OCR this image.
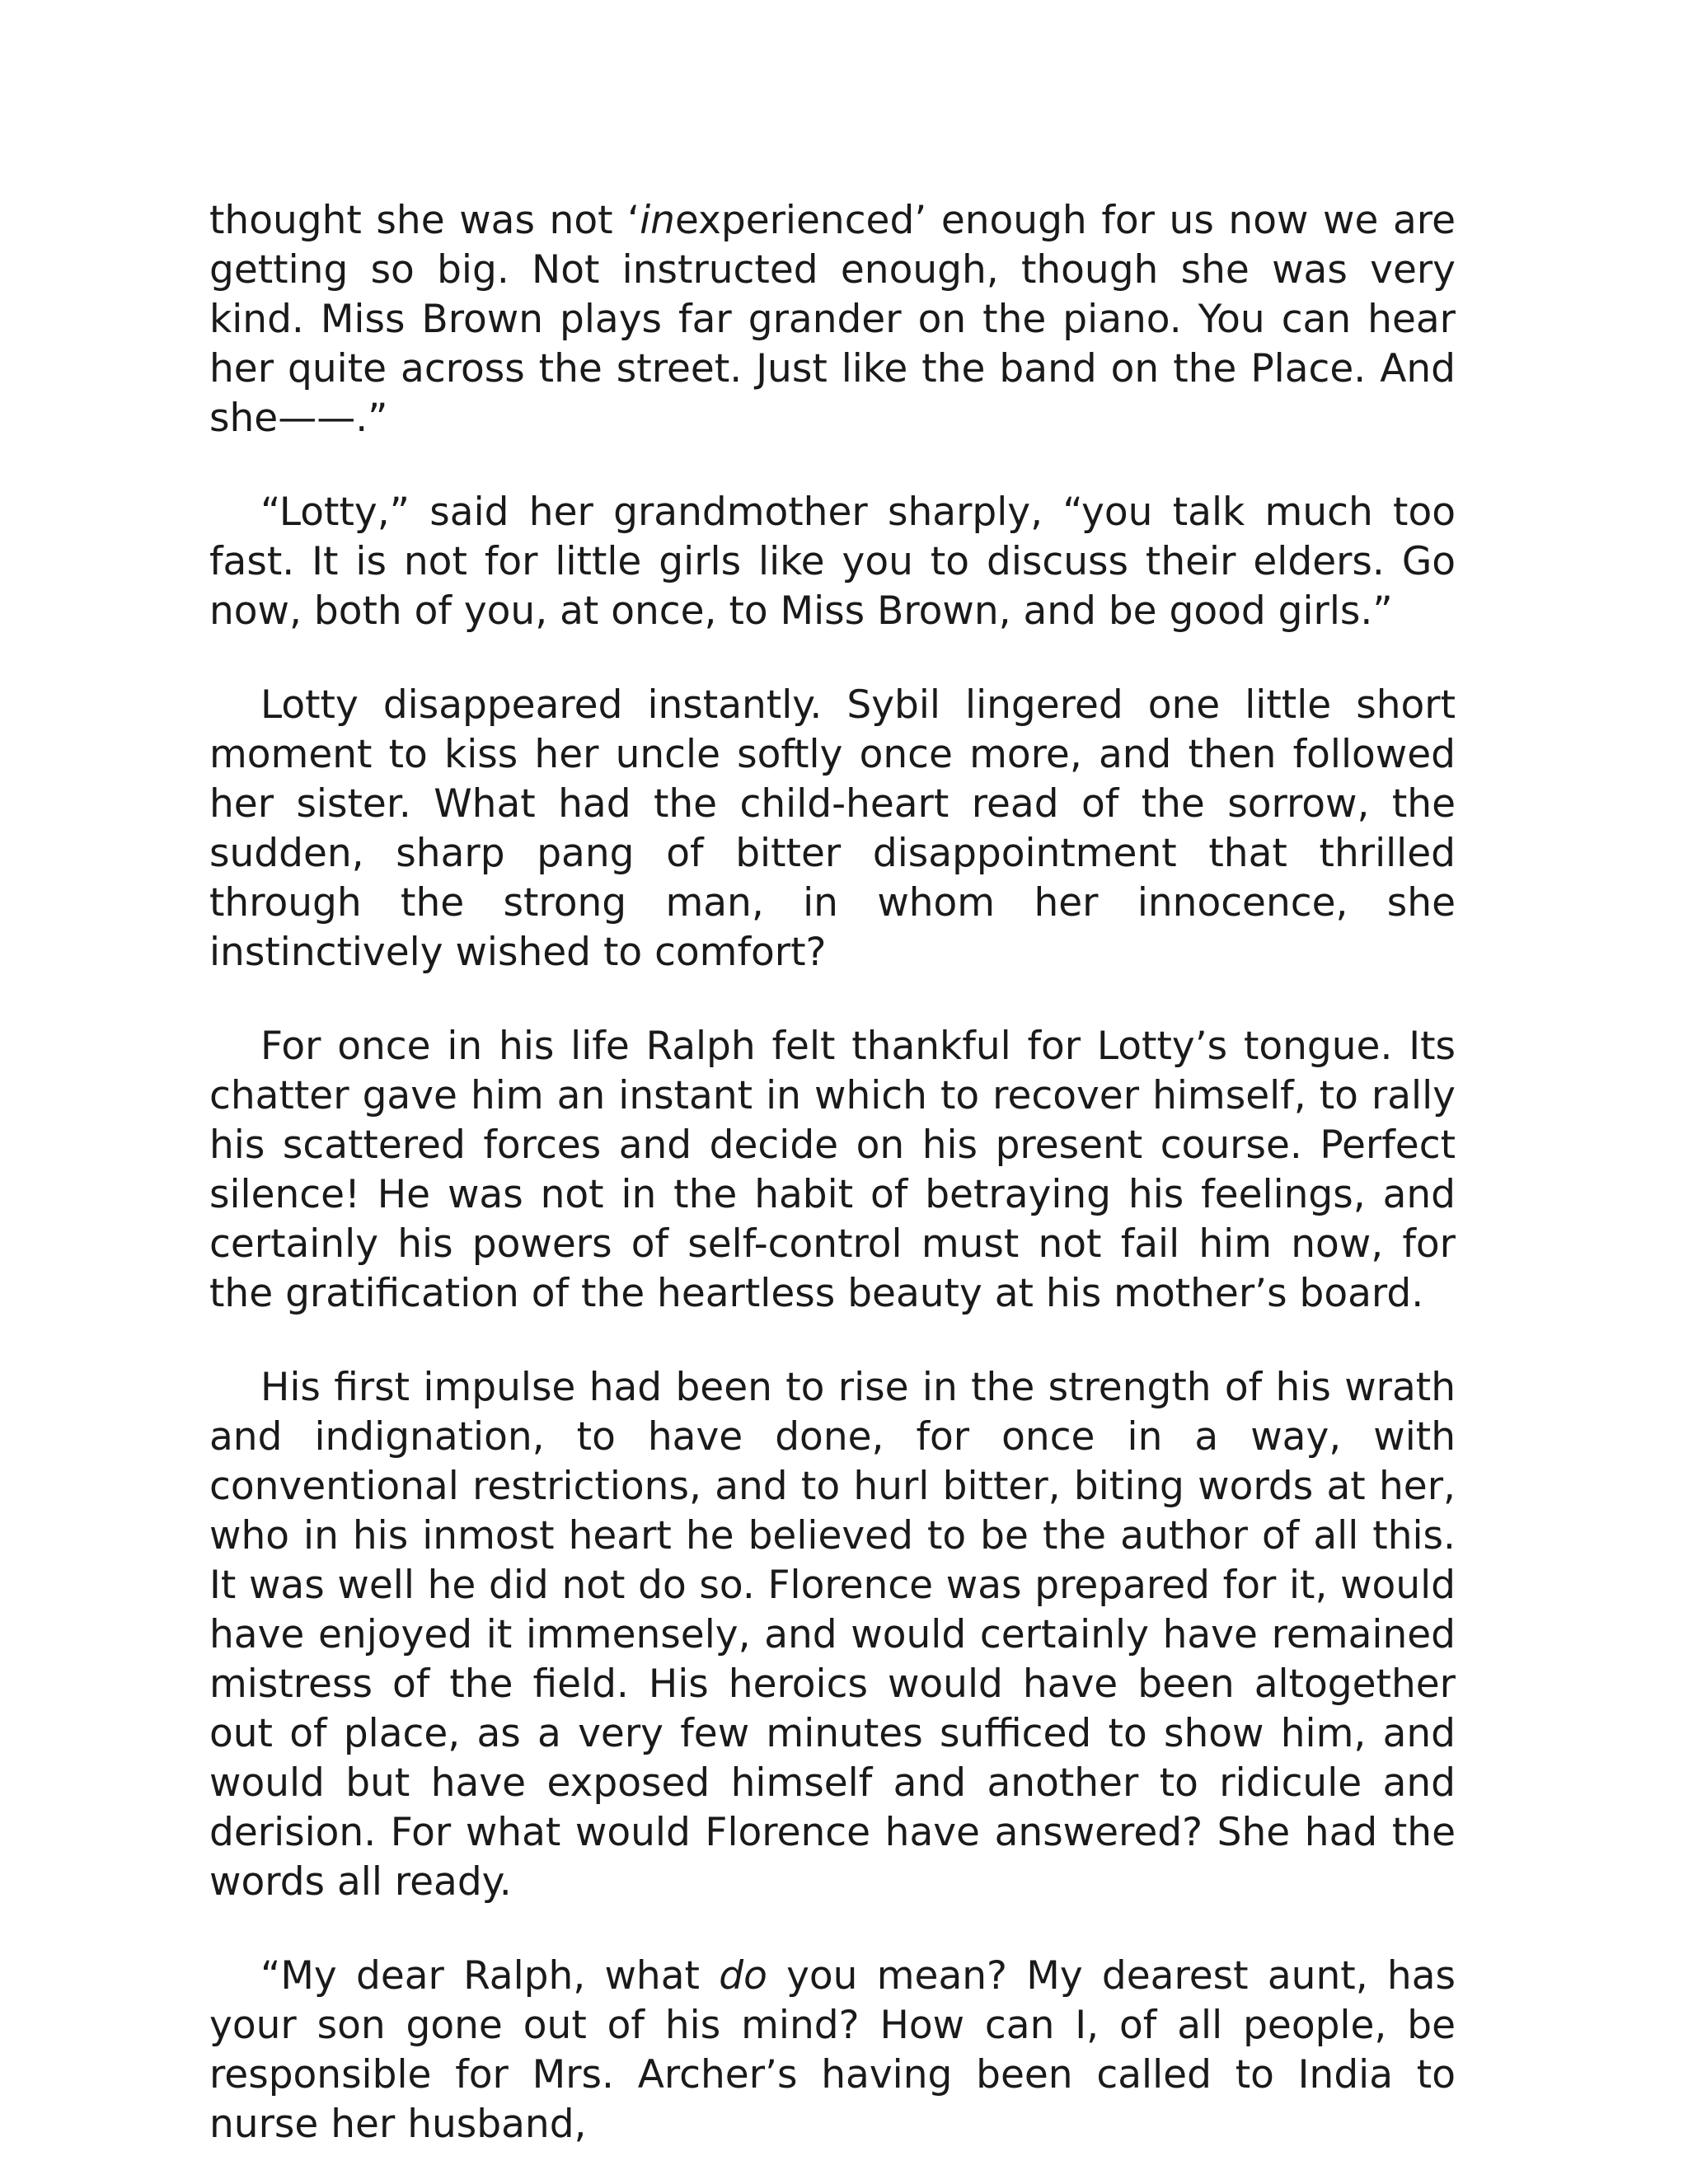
thought she was not ‘inexperienced’ enough for us now we are getting so big. Not instructed enough, though she was very kind. Miss Brown plays far grander on the piano. You can hear her quite across the street. Just like the band on the Place. And she——.”

“Lotty,” said her grandmother sharply, “you talk much too fast. It is not for little girls like you to discuss their elders. Go now, both of you, at once, to Miss Brown, and be good girls.”

Lotty disappeared instantly. Sybil lingered one little short moment to kiss her uncle softly once more, and then followed her sister. What had the child-heart read of the sorrow, the sudden, sharp pang of bitter disappointment that thrilled through the strong man, in whom her innocence, she instinctively wished to comfort?

For once in his life Ralph felt thankful for Lotty’s tongue. Its chatter gave him an instant in which to recover himself, to rally his scattered forces and decide on his present course. Perfect silence! He was not in the habit of betraying his feelings, and certainly his powers of self-control must not fail him now, for the gratification of the heartless beauty at his mother’s board.

His first impulse had been to rise in the strength of his wrath and indignation, to have done, for once in a way, with conventional restrictions, and to hurl bitter, biting words at her, who in his inmost heart he believed to be the author of all this. It was well he did not do so. Florence was prepared for it, would have enjoyed it immensely, and would certainly have remained mistress of the field. His heroics would have been altogether out of place, as a very few minutes sufficed to show him, and would but have exposed himself and another to ridicule and derision. For what would Florence have answered? She had the words all ready.

“My dear Ralph, what do you mean? My dearest aunt, has your son gone out of his mind? How can I, of all people, be responsible for Mrs. Archer’s having been called to India to nurse her husband,
